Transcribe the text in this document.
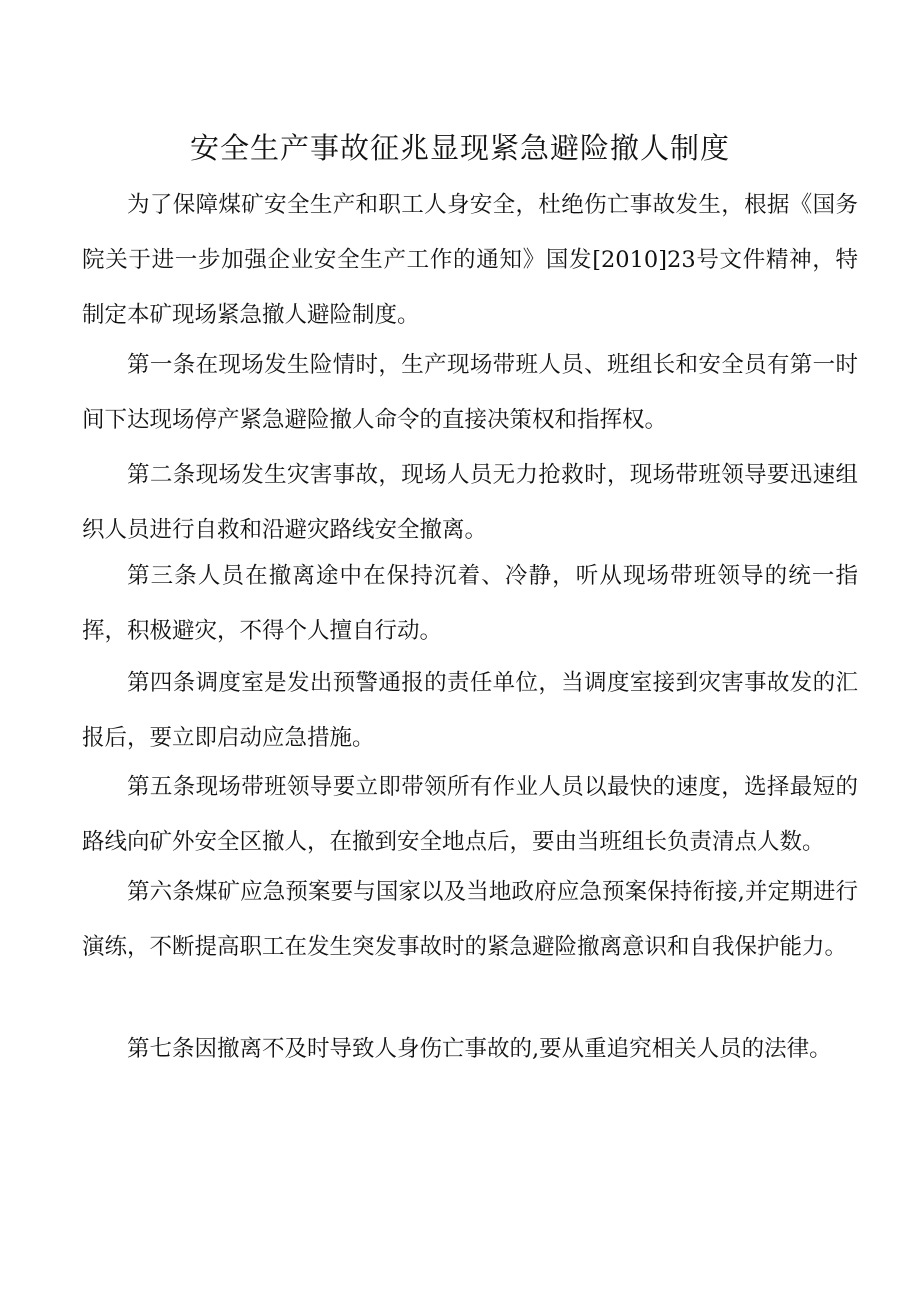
安全生产事故征兆显现紧急避险撤人制度

为了保障煤矿安全生产和职工人身安全，杜绝伤亡事故发生，根据《国务院关于进一步加强企业安全生产工作的通知》国发[2010]23号文件精神，特制定本矿现场紧急撤人避险制度。

第一条在现场发生险情时，生产现场带班人员、班组长和安全员有第一时间下达现场停产紧急避险撤人命令的直接决策权和指挥权。

第二条现场发生灾害事故，现场人员无力抢救时，现场带班领导要迅速组织人员进行自救和沿避灾路线安全撤离。

第三条人员在撤离途中在保持沉着、冷静，听从现场带班领导的统一指挥，积极避灾，不得个人擅自行动。

第四条调度室是发出预警通报的责任单位，当调度室接到灾害事故发的汇报后，要立即启动应急措施。

第五条现场带班领导要立即带领所有作业人员以最快的速度，选择最短的路线向矿外安全区撤人，在撤到安全地点后，要由当班组长负责清点人数。

第六条煤矿应急预案要与国家以及当地政府应急预案保持衔接,并定期进行演练，不断提高职工在发生突发事故时的紧急避险撤离意识和自我保护能力。

第七条因撤离不及时导致人身伤亡事故的,要从重追究相关人员的法律。
